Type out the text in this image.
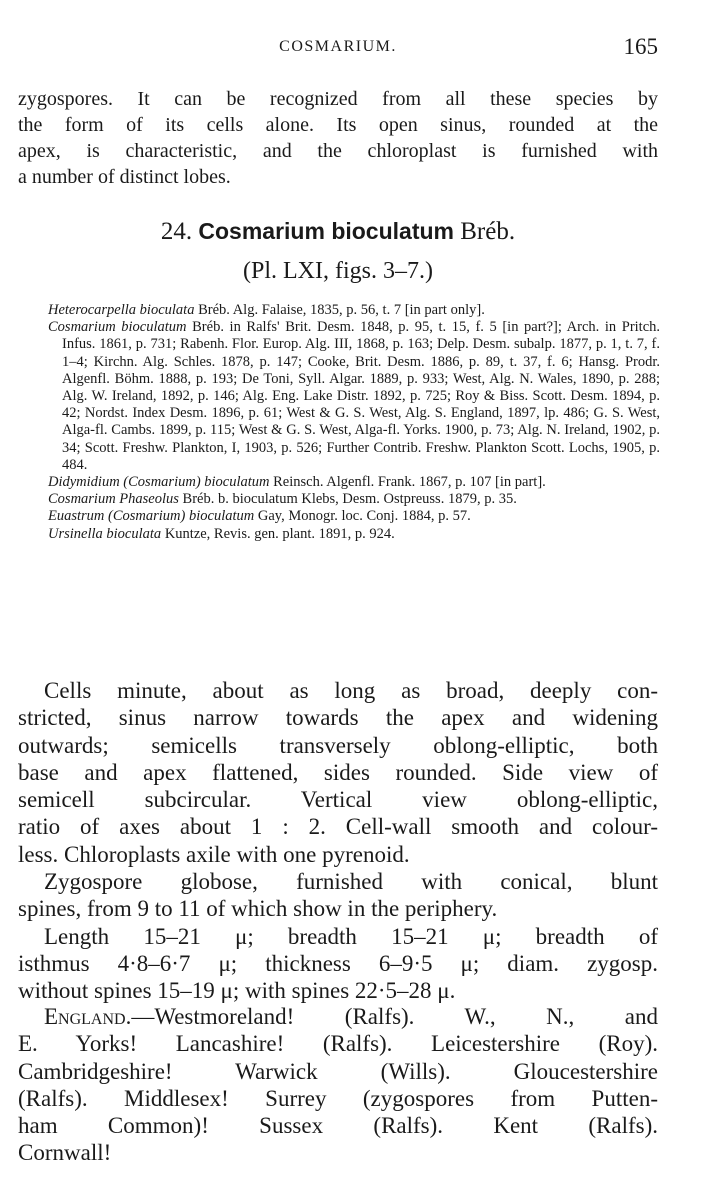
COSMARIUM.	165

zygospores. It can be recognized from all these species by
the form of its cells alone. Its open sinus, rounded at the
apex, is characteristic, and the chloroplast is furnished with
a number of distinct lobes.

24. Cosmarium bioculatum Bréb.

(Pl. LXI, figs. 3–7.)

Heterocarpella bioculata Bréb. Alg. Falaise, 1835, p. 56, t. 7 [in part only].

Cosmarium bioculatum Bréb. in Ralfs' Brit. Desm. 1848, p. 95, t. 15, f. 5 [in part?]; Arch. in Pritch. Infus. 1861, p. 731; Rabenh. Flor. Europ. Alg. III, 1868, p. 163; Delp. Desm. subalp. 1877, p. 1, t. 7, f. 1–4; Kirchn. Alg. Schles. 1878, p. 147; Cooke, Brit. Desm. 1886, p. 89, t. 37, f. 6; Hansg. Prodr. Algenfl. Böhm. 1888, p. 193; De Toni, Syll. Algar. 1889, p. 933; West, Alg. N. Wales, 1890, p. 288; Alg. W. Ireland, 1892, p. 146; Alg. Eng. Lake Distr. 1892, p. 725; Roy & Biss. Scott. Desm. 1894, p. 42; Nordst. Index Desm. 1896, p. 61; West & G. S. West, Alg. S. England, 1897, lp. 486; G. S. West, Alga-fl. Cambs. 1899, p. 115; West & G. S. West, Alga-fl. Yorks. 1900, p. 73; Alg. N. Ireland, 1902, p. 34; Scott. Freshw. Plankton, I, 1903, p. 526; Further Contrib. Freshw. Plankton Scott. Lochs, 1905, p. 484.

Didymidium (Cosmarium) bioculatum Reinsch. Algenfl. Frank. 1867, p. 107 [in part].

Cosmarium Phaseolus Bréb. b. bioculatum Klebs, Desm. Ostpreuss. 1879, p. 35.

Euastrum (Cosmarium) bioculatum Gay, Monogr. loc. Conj. 1884, p. 57.

Ursinella bioculata Kuntze, Revis. gen. plant. 1891, p. 924.

Cells minute, about as long as broad, deeply con-
stricted, sinus narrow towards the apex and widening
outwards; semicells transversely oblong-elliptic, both
base and apex flattened, sides rounded. Side view of
semicell subcircular. Vertical view oblong-elliptic,
ratio of axes about 1 : 2. Cell-wall smooth and colour-
less. Chloroplasts axile with one pyrenoid.
Zygospore globose, furnished with conical, blunt
spines, from 9 to 11 of which show in the periphery.
Length 15–21 μ; breadth 15–21 μ; breadth of
isthmus 4·8–6·7 μ; thickness 6–9·5 μ; diam. zygosp.
without spines 15–19 μ; with spines 22·5–28 μ.
England.—Westmoreland! (Ralfs). W., N., and
E. Yorks! Lancashire! (Ralfs). Leicestershire (Roy).
Cambridgeshire! Warwick (Wills). Gloucestershire
(Ralfs). Middlesex! Surrey (zygospores from Putten-
ham Common)! Sussex (Ralfs). Kent (Ralfs).
Cornwall!
